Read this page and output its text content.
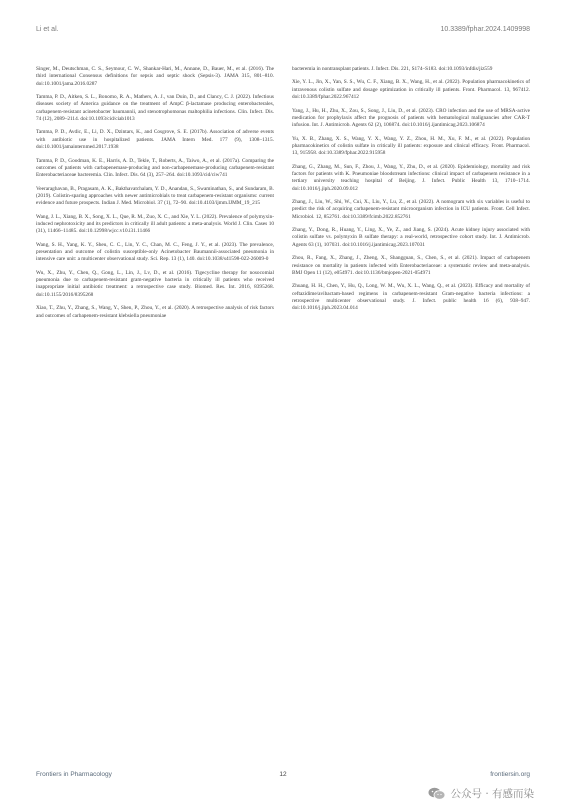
Li et al.	10.3389/fphar.2024.1409998

Singer, M., Deutschman, C. S., Seymour, C. W., Shankar-Hari, M., Annane, D., Bauer, M., et al. (2016). The third international Consensus definitions for sepsis and septic shock (Sepsis-3). JAMA 315, 801–810. doi:10.1001/jama.2016.0287

Tamma, P. D., Aitken, S. L., Bonomo, R. A., Mathers, A. J., van Duin, D., and Clancy, C. J. (2022). Infectious diseases society of America guidance on the treatment of AmpC β-lactamase producing enterobacterales, carbapenem-resistant acinetobacter baumannii, and stenotrophomonas maltophilia infections. Clin. Infect. Dis. 74 (12), 2089–2114. doi:10.1093/cid/ciab1013

Tamma, P. D., Avdic, E., Li, D. X., Dzintars, K., and Cosgrove, S. E. (2017b). Association of adverse events with antibiotic use in hospitalized patients. JAMA Intern Med. 177 (9), 1308–1315. doi:10.1001/jamainternmed.2017.1938

Tamma, P. D., Goodman, K. E., Harris, A. D., Tekle, T., Roberts, A., Taiwo, A., et al. (2017a). Comparing the outcomes of patients with carbapenemase-producing and non-carbapenemase-producing carbapenem-resistant Enterobacteriaceae bacteremia. Clin. Infect. Dis. 64 (3), 257–264. doi:10.1093/cid/ciw741

Veeraraghavan, B., Pragasam, A. K., Bakthavatchalam, Y. D., Anandan, S., Swaminathan, S., and Sundaram, B. (2019). Colistin-sparing approaches with newer antimicrobials to treat carbapenem-resistant organisms: current evidence and future prospects. Indian J. Med. Microbiol. 37 (1), 72–90. doi:10.4103/ijmm.IJMM_19_215

Wang, J. L., Xiang, B. X., Song, X. L., Que, R. M., Zuo, X. C., and Xie, Y. L. (2022). Prevalence of polymyxin-induced nephrotoxicity and its predictors in critically ill adult patients: a meta-analysis. World J. Clin. Cases 10 (31), 11466–11485. doi:10.12998/wjcc.v10.i31.11466

Wang, S. H., Yang, K. Y., Sheu, C. C., Lin, Y. C., Chan, M. C., Feng, J. Y., et al. (2023). The prevalence, presentation and outcome of colistin susceptible-only Acinetobacter Baumannii-associated pneumonia in intensive care unit: a multicenter observational study. Sci. Rep. 13 (1), 140. doi:10.1038/s41598-022-26009-0

Wu, X., Zhu, Y., Chen, Q., Gong, L., Lin, J., Lv, D., et al. (2016). Tigecycline therapy for nosocomial pneumonia due to carbapenem-resistant gram-negative bacteria in critically ill patients who received inappropriate initial antibiotic treatment: a retrospective case study. Biomed. Res. Int. 2016, 8395268. doi:10.1155/2016/8395268

Xiao, T., Zhu, Y., Zhang, S., Wang, Y., Shen, P., Zhou, Y., et al. (2020). A retrospective analysis of risk factors and outcomes of carbapenem-resistant klebsiella pneumoniae

bacteremia in nontransplant patients. J. Infect. Dis. 221, S174–S183. doi:10.1093/infdis/jiz559

Xie, Y. L., Jin, X., Yan, S. S., Wu, C. F., Xiang, B. X., Wang, H., et al. (2022). Population pharmacokinetics of intravenous colistin sulfate and dosage optimization in critically ill patients. Front. Pharmacol. 13, 967412. doi:10.3389/fphar.2022.967412

Yang, J., Hu, H., Zhu, X., Zou, S., Song, J., Liu, D., et al. (2023). CRO infection and the use of MRSA-active medication for prophylaxis affect the prognosis of patients with hematological malignancies after CAR-T infusion. Int. J. Antimicrob. Agents 62 (2), 106874. doi:10.1016/j.ijantimicag.2023.106874

Yu, X. B., Zhang, X. S., Wang, Y. X., Wang, Y. Z., Zhou, H. M., Xu, F. M., et al. (2022). Population pharmacokinetics of colistin sulfate in critically ill patients: exposure and clinical efficacy. Front. Pharmacol. 13, 915958. doi:10.3389/fphar.2022.915958

Zhang, G., Zhang, M., Sun, F., Zhou, J., Wang, Y., Zhu, D., et al. (2020). Epidemiology, mortality and risk factors for patients with K. Pneumoniae bloodstream infections: clinical impact of carbapenem resistance in a tertiary university teaching hospital of Beijing. J. Infect. Public Health 13, 1710–1714. doi:10.1016/j.jiph.2020.09.012

Zhang, J., Liu, W., Shi, W., Cui, X., Liu, Y., Lu, Z., et al. (2022). A nomogram with six variables is useful to predict the risk of acquiring carbapenem-resistant microorganism infection in ICU patients. Front. Cell Infect. Microbiol. 12, 852761. doi:10.3389/fcimb.2022.852761

Zhang, Y., Dong, R., Huang, Y., Ling, X., Ye, Z., and Jiang, S. (2024). Acute kidney injury associated with colistin sulfate vs. polymyxin B sulfate therapy: a real-world, retrospective cohort study. Int. J. Antimicrob. Agents 63 (1), 107031. doi:10.1016/j.ijantimicag.2023.107031

Zhou, R., Fang, X., Zhang, J., Zheng, X., Shangguan, S., Chen, S., et al. (2021). Impact of carbapenem resistance on mortality in patients infected with Enterobacteriaceae: a systematic review and meta-analysis. BMJ Open 11 (12), e054971. doi:10.1136/bmjopen-2021-054971

Zhuang, H. H., Chen, Y., Hu, Q., Long, W. M., Wu, X. L., Wang, Q., et al. (2023). Efficacy and mortality of ceftazidime/avibactam-based regimens in carbapenem-resistant Gram-negative bacteria infections: a retrospective multicenter observational study. J. Infect. public health 16 (6), 938–947. doi:10.1016/j.jiph.2023.04.014

Frontiers in Pharmacology	12	frontiersin.org
公众号 · 有感而染
